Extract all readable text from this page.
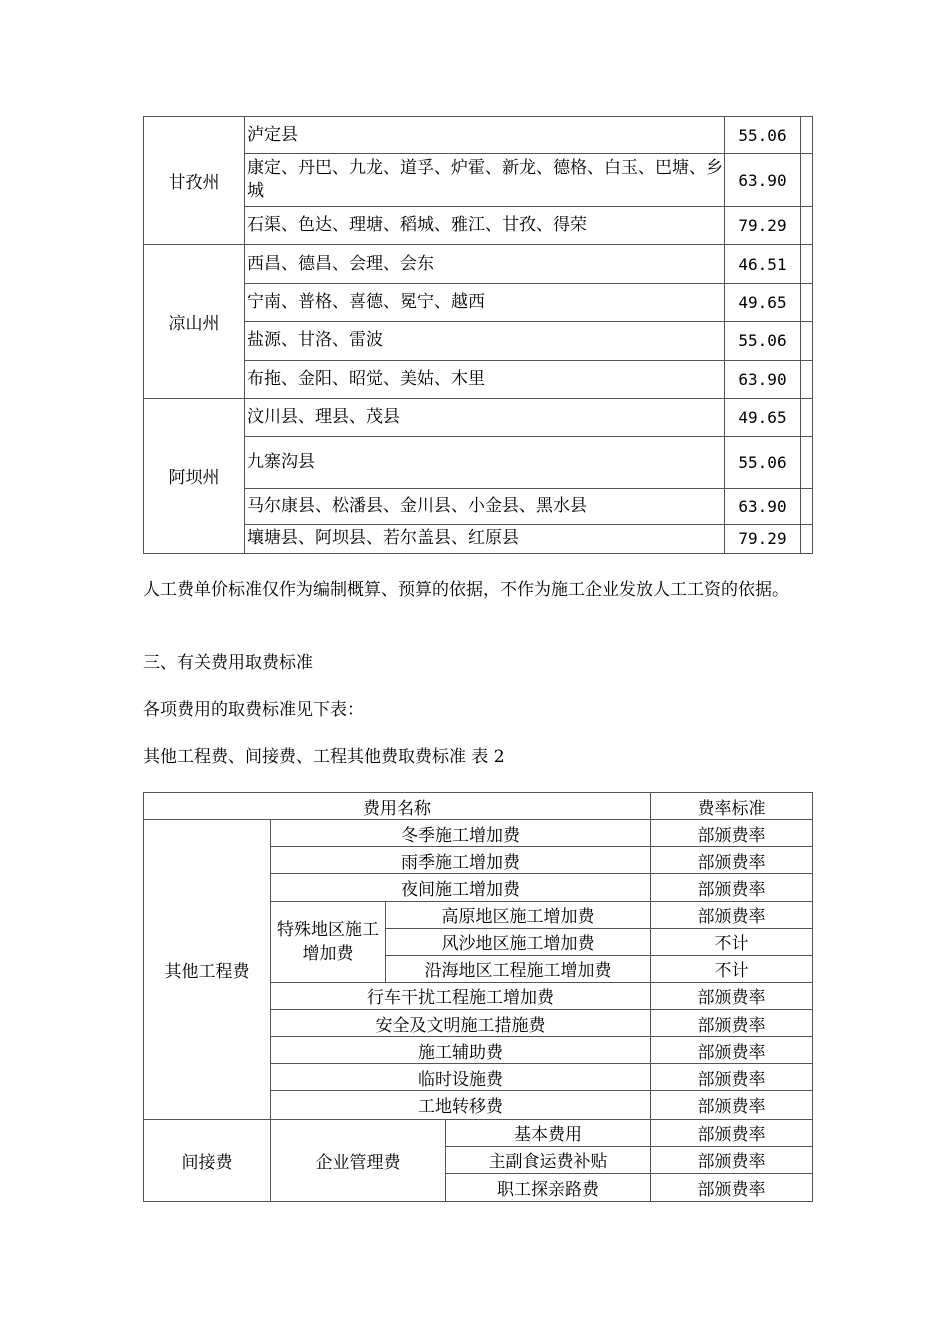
甘孜州	泸定县	55.06	
	康定、丹巴、九龙、道孚、炉霍、新龙、德格、白玉、巴塘、乡城	63.90	
	石渠、色达、理塘、稻城、雅江、甘孜、得荣	79.29	
凉山州	西昌、德昌、会理、会东	46.51	
	宁南、普格、喜德、冕宁、越西	49.65	
	盐源、甘洛、雷波	55.06	
	布拖、金阳、昭觉、美姑、木里	63.90	
阿坝州	汶川县、理县、茂县	49.65	
	九寨沟县	55.06	
	马尔康县、松潘县、金川县、小金县、黑水县	63.90	
	壤塘县、阿坝县、若尔盖县、红原县	79.29	

人工费单价标准仅作为编制概算、预算的依据，不作为施工企业发放人工工资的依据。

三、有关费用取费标准

各项费用的取费标准见下表：

其他工程费、间接费、工程其他费取费标准 表 2

费用名称				费率标准
其他工程费	冬季施工增加费			部颁费率
	雨季施工增加费			部颁费率
	夜间施工增加费			部颁费率
	特殊地区施工增加费	高原地区施工增加费		部颁费率
		风沙地区施工增加费		不计
		沿海地区工程施工增加费		不计
	行车干扰工程施工增加费			部颁费率
	安全及文明施工措施费			部颁费率
	施工辅助费			部颁费率
	临时设施费			部颁费率
	工地转移费			部颁费率
间接费	企业管理费		基本费用	部颁费率
			主副食运费补贴	部颁费率
			职工探亲路费	部颁费率
